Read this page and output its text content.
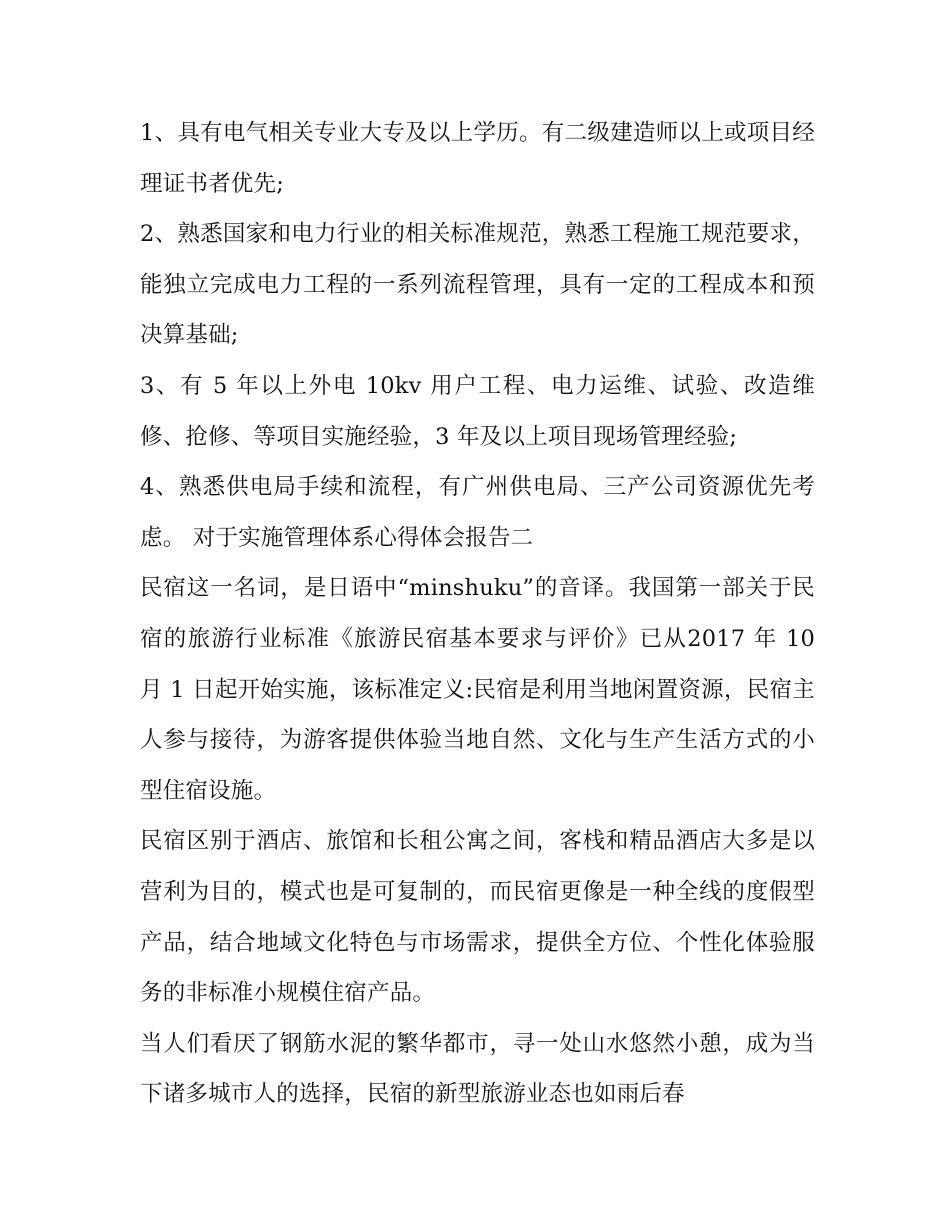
1、具有电气相关专业大专及以上学历。有二级建造师以上或项目经理证书者优先;

2、熟悉国家和电力行业的相关标准规范，熟悉工程施工规范要求，能独立完成电力工程的一系列流程管理，具有一定的工程成本和预决算基础;

3、有 5 年以上外电 10kv 用户工程、电力运维、试验、改造维修、抢修、等项目实施经验，3 年及以上项目现场管理经验;

4、熟悉供电局手续和流程，有广州供电局、三产公司资源优先考虑。 对于实施管理体系心得体会报告二

民宿这一名词，是日语中“minshuku”的音译。我国第一部关于民宿的旅游行业标准《旅游民宿基本要求与评价》已从2017 年 10 月 1 日起开始实施，该标准定义:民宿是利用当地闲置资源，民宿主人参与接待，为游客提供体验当地自然、文化与生产生活方式的小型住宿设施。

民宿区别于酒店、旅馆和长租公寓之间，客栈和精品酒店大多是以营利为目的，模式也是可复制的，而民宿更像是一种全线的度假型产品，结合地域文化特色与市场需求，提供全方位、个性化体验服务的非标准小规模住宿产品。

当人们看厌了钢筋水泥的繁华都市，寻一处山水悠然小憩，成为当下诸多城市人的选择，民宿的新型旅游业态也如雨后春
